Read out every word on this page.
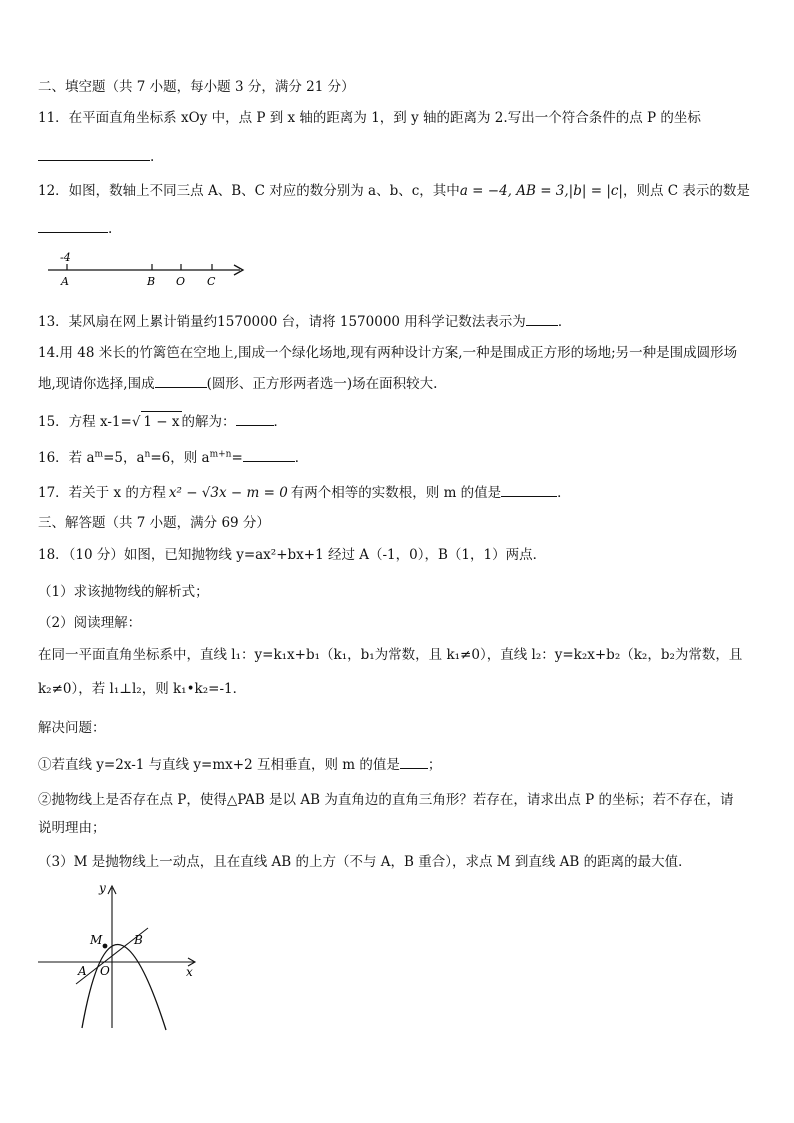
二、填空题（共 7 小题，每小题 3 分，满分 21 分）
11．在平面直角坐标系 xOy 中，点 P 到 x 轴的距离为 1，到 y 轴的距离为 2.写出一个符合条件的点 P 的坐标
.
12．如图，数轴上不同三点 A、B、C 对应的数分别为 a、b、c，其中a = −4, AB = 3,|b| = |c|，则点 C 表示的数是
.
-4
A	B O C
13．某风扇在网上累计销量约1570000 台，请将 1570000 用科学记数法表示为 ．
14.用 48 米长的竹篱笆在空地上,围成一个绿化场地,现有两种设计方案,一种是围成正方形的场地;另一种是围成圆形场
地,现请你选择,围成	(圆形、正方形两者选一)场在面积较大.
15．方程 x-1=√ 1 − x 的解为：	．
16．若 $a^m=5$，$a^n=6$，则 $a^{m+n}=$	．
17．若关于 x 的方程 x² − √3x − m = 0 有两个相等的实数根，则 m 的值是	．
三、解答题（共 7 小题，满分 69 分）
18．（10 分）如图，已知抛物线 y=ax²+bx+1 经过 A（-1，0），B（1，1）两点．
（1）求该抛物线的解析式；
（2）阅读理解：
在同一平面直角坐标系中，直线 l₁：y=k₁x+b₁（k₁，b₁为常数，且 k₁≠0），直线 l₂：y=k₂x+b₂（k₂，b₂为常数，且
k₂≠0），若 l₁⊥l₂，则 k₁•k₂=-1．
解决问题：
①若直线 y=2x-1 与直线 y=mx+2 互相垂直，则 m 的值是 ；
②抛物线上是否存在点 P，使得△PAB 是以 AB 为直角边的直角三角形？若存在，请求出点 P 的坐标；若不存在，请
说明理由；
（3）M 是抛物线上一动点，且在直线 AB 的上方（不与 A，B 重合），求点 M 到直线 AB 的距离的最大值．
y
x
M	B
A O
